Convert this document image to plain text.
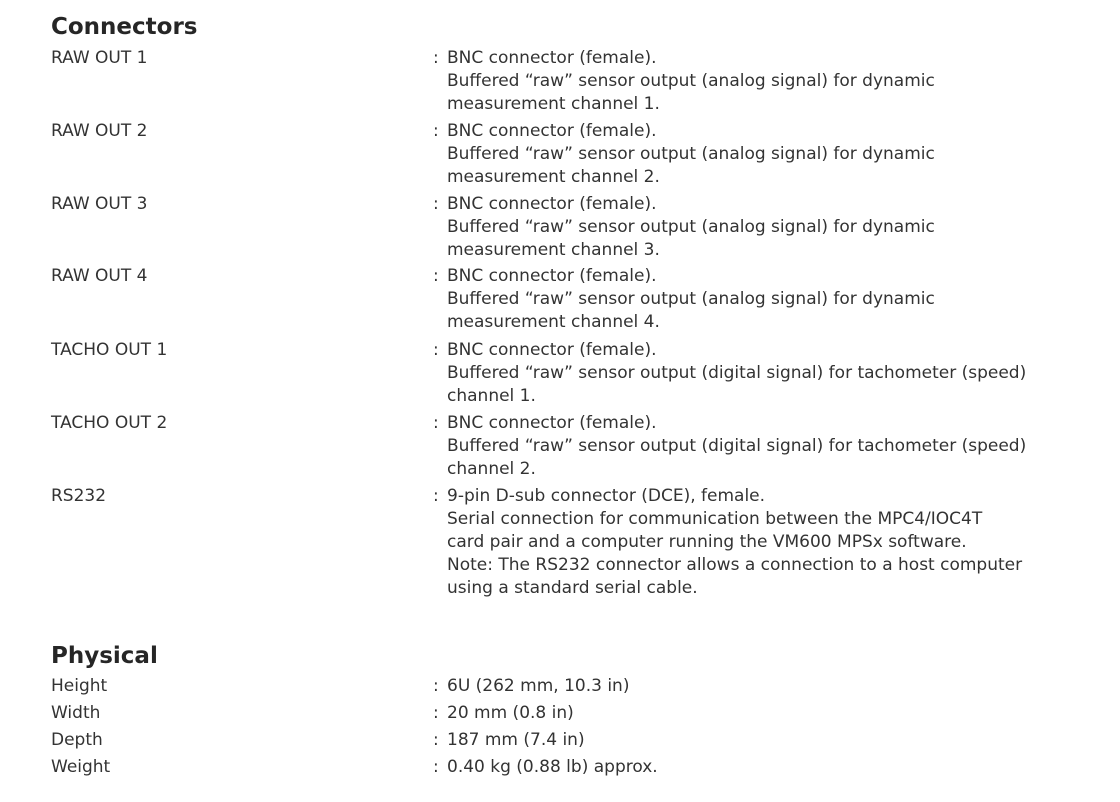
Connectors
RAW OUT 1	: BNC connector (female).
Buffered “raw” sensor output (analog signal) for dynamic
measurement channel 1.
RAW OUT 2	: BNC connector (female).
Buffered “raw” sensor output (analog signal) for dynamic
measurement channel 2.
RAW OUT 3	: BNC connector (female).
Buffered “raw” sensor output (analog signal) for dynamic
measurement channel 3.
RAW OUT 4	: BNC connector (female).
Buffered “raw” sensor output (analog signal) for dynamic
measurement channel 4.
TACHO OUT 1	: BNC connector (female).
Buffered “raw” sensor output (digital signal) for tachometer (speed)
channel 1.
TACHO OUT 2	: BNC connector (female).
Buffered “raw” sensor output (digital signal) for tachometer (speed)
channel 2.
RS232	: 9-pin D-sub connector (DCE), female.
Serial connection for communication between the MPC4/IOC4T
card pair and a computer running the VM600 MPSx software.
Note: The RS232 connector allows a connection to a host computer
using a standard serial cable.
Physical
Height	: 6U (262 mm, 10.3 in)
Width	: 20 mm (0.8 in)
Depth	: 187 mm (7.4 in)
Weight	: 0.40 kg (0.88 lb) approx.
